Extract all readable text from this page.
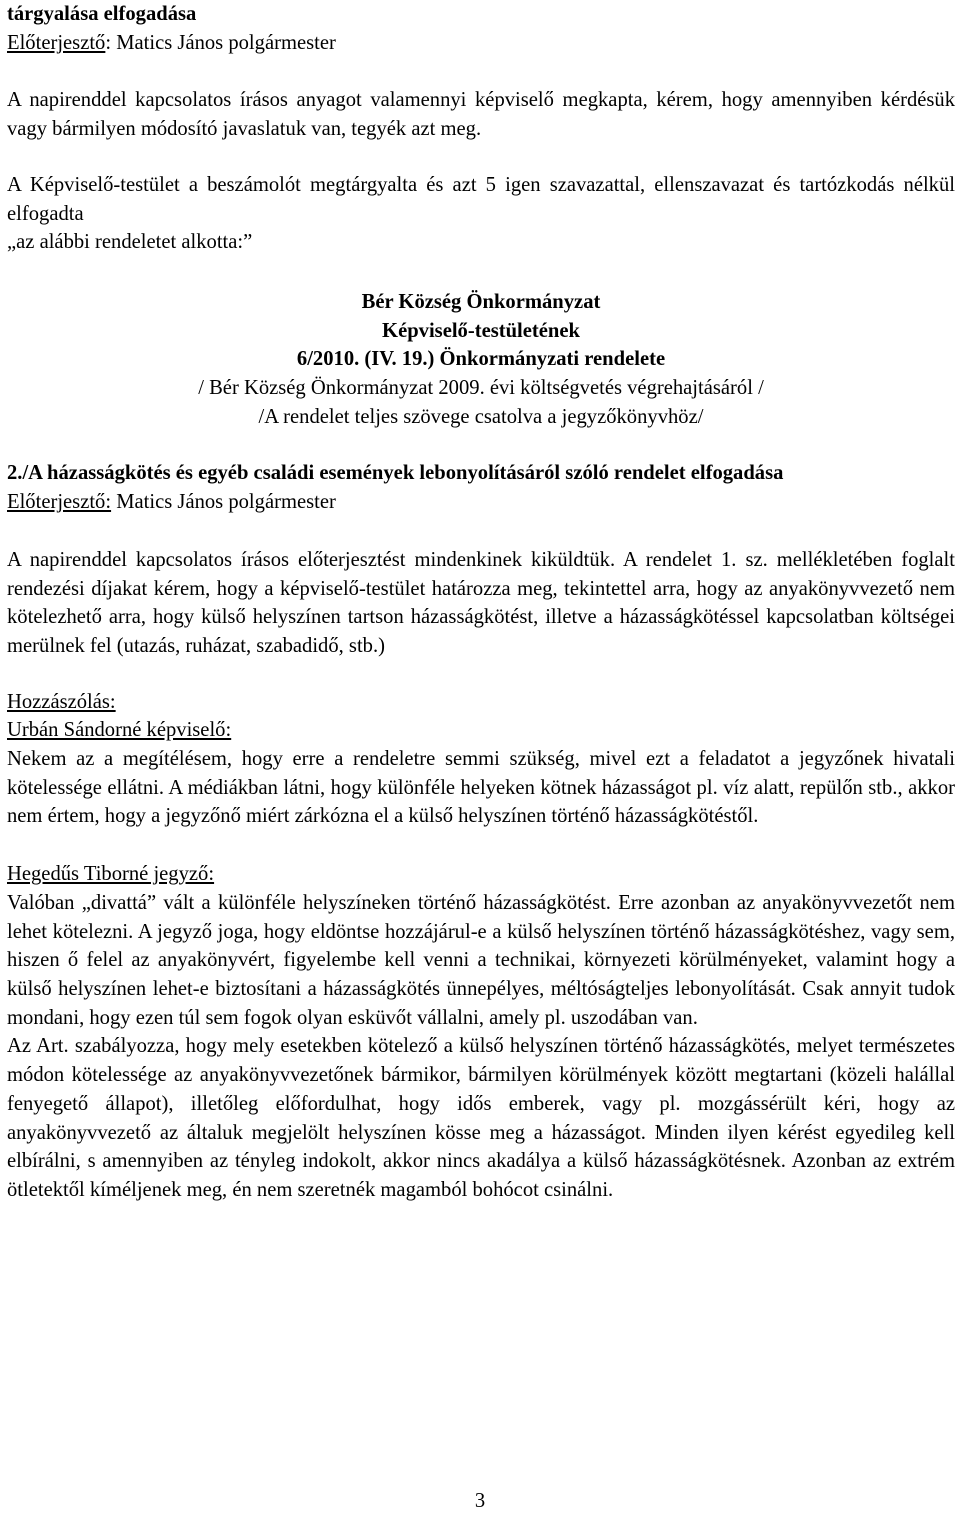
tárgyalása elfogadása

Előterjesztő: Matics János polgármester

A napirenddel kapcsolatos írásos anyagot valamennyi képviselő megkapta, kérem, hogy amennyiben kérdésük vagy bármilyen módosító javaslatuk van, tegyék azt meg.

A Képviselő-testület a beszámolót megtárgyalta és azt 5 igen szavazattal, ellenszavazat és tartózkodás nélkül elfogadta

„az alábbi rendeletet alkotta:”

Bér Község Önkormányzat

Képviselő-testületének

6/2010. (IV. 19.) Önkormányzati rendelete

/ Bér Község Önkormányzat 2009. évi költségvetés végrehajtásáról /

/A rendelet teljes szövege csatolva a jegyzőkönyvhöz/

2./A házasságkötés és egyéb családi események lebonyolításáról szóló rendelet elfogadása

Előterjesztő: Matics János polgármester

A napirenddel kapcsolatos írásos előterjesztést mindenkinek kiküldtük. A rendelet 1. sz. mellékletében foglalt rendezési díjakat kérem, hogy a képviselő-testület határozza meg, tekintettel arra, hogy az anyakönyvvezető nem kötelezhető arra, hogy külső helyszínen tartson házasságkötést, illetve a házasságkötéssel kapcsolatban költségei merülnek fel (utazás, ruházat, szabadidő, stb.)

Hozzászólás:

Urbán Sándorné képviselő:

Nekem az a megítélésem, hogy erre a rendeletre semmi szükség, mivel ezt a feladatot a jegyzőnek hivatali kötelessége ellátni. A médiákban látni, hogy különféle helyeken kötnek házasságot pl. víz alatt, repülőn stb., akkor nem értem, hogy a jegyzőnő miért zárkózna el a külső helyszínen történő házasságkötéstől.

Hegedűs Tiborné jegyző:

Valóban „divattá” vált a különféle helyszíneken történő házasságkötést. Erre azonban az anyakönyvvezetőt nem lehet kötelezni. A jegyző joga, hogy eldöntse hozzájárul-e a külső helyszínen történő házasságkötéshez, vagy sem, hiszen ő felel az anyakönyvért, figyelembe kell venni a technikai, környezeti körülményeket, valamint hogy a külső helyszínen lehet-e biztosítani a házasságkötés ünnepélyes, méltóságteljes lebonyolítását. Csak annyit tudok mondani, hogy ezen túl sem fogok olyan esküvőt vállalni, amely pl. uszodában van.

Az Art. szabályozza, hogy mely esetekben kötelező a külső helyszínen történő házasságkötés, melyet természetes módon kötelessége az anyakönyvvezetőnek bármikor, bármilyen körülmények között megtartani (közeli halállal fenyegető állapot), illetőleg előfordulhat, hogy idős emberek, vagy pl. mozgássérült kéri, hogy az anyakönyvvezető az általuk megjelölt helyszínen kösse meg a házasságot. Minden ilyen kérést egyedileg kell elbírálni, s amennyiben az tényleg indokolt, akkor nincs akadálya a külső házasságkötésnek. Azonban az extrém ötletektől kíméljenek meg, én nem szeretnék magamból bohócot csinálni.

3
